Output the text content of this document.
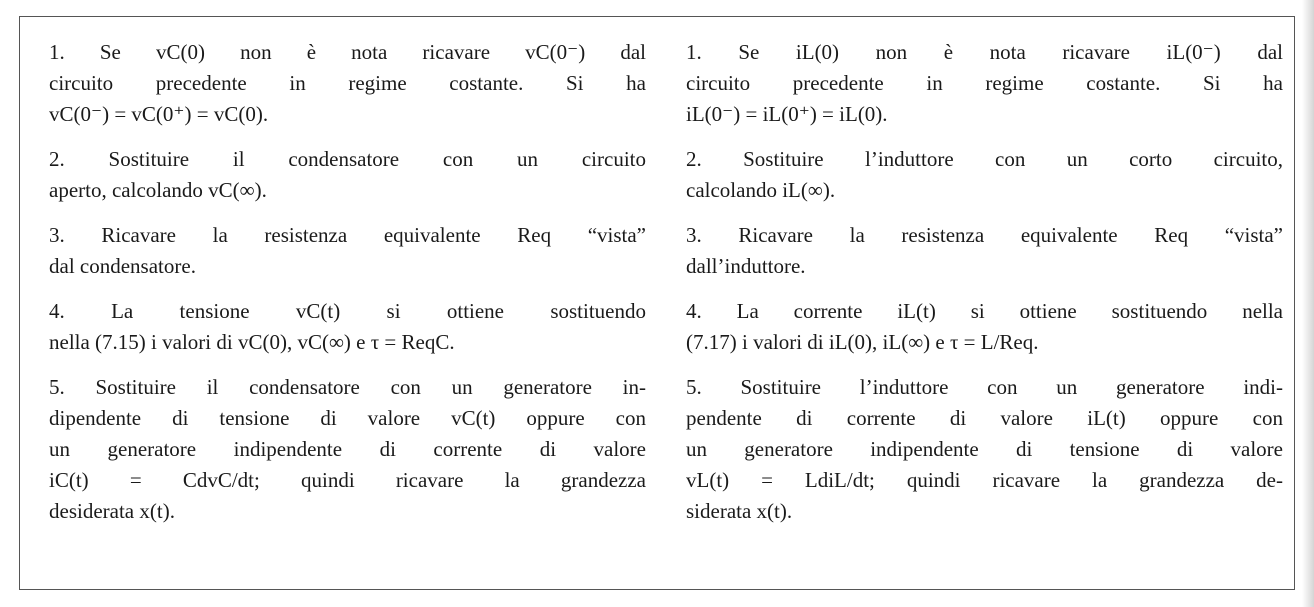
1. Se vC(0) non è nota ricavare vC(0⁻) dal
circuito precedente in regime costante. Si ha
vC(0⁻) = vC(0⁺) = vC(0).
2. Sostituire il condensatore con un circuito
aperto, calcolando vC(∞).
3. Ricavare la resistenza equivalente Req “vista”
dal condensatore.
4. La tensione vC(t) si ottiene sostituendo
nella (7.15) i valori di vC(0), vC(∞) e τ = ReqC.
5. Sostituire il condensatore con un generatore in-
dipendente di tensione di valore vC(t) oppure con
un generatore indipendente di corrente di valore
iC(t) = CdvC/dt; quindi ricavare la grandezza
desiderata x(t).
1. Se iL(0) non è nota ricavare iL(0⁻) dal
circuito precedente in regime costante. Si ha
iL(0⁻) = iL(0⁺) = iL(0).
2. Sostituire l’induttore con un corto circuito,
calcolando iL(∞).
3. Ricavare la resistenza equivalente Req “vista”
dall’induttore.
4. La corrente iL(t) si ottiene sostituendo nella
(7.17) i valori di iL(0), iL(∞) e τ = L/Req.
5. Sostituire l’induttore con un generatore indi-
pendente di corrente di valore iL(t) oppure con
un generatore indipendente di tensione di valore
vL(t) = LdiL/dt; quindi ricavare la grandezza de-
siderata x(t).
